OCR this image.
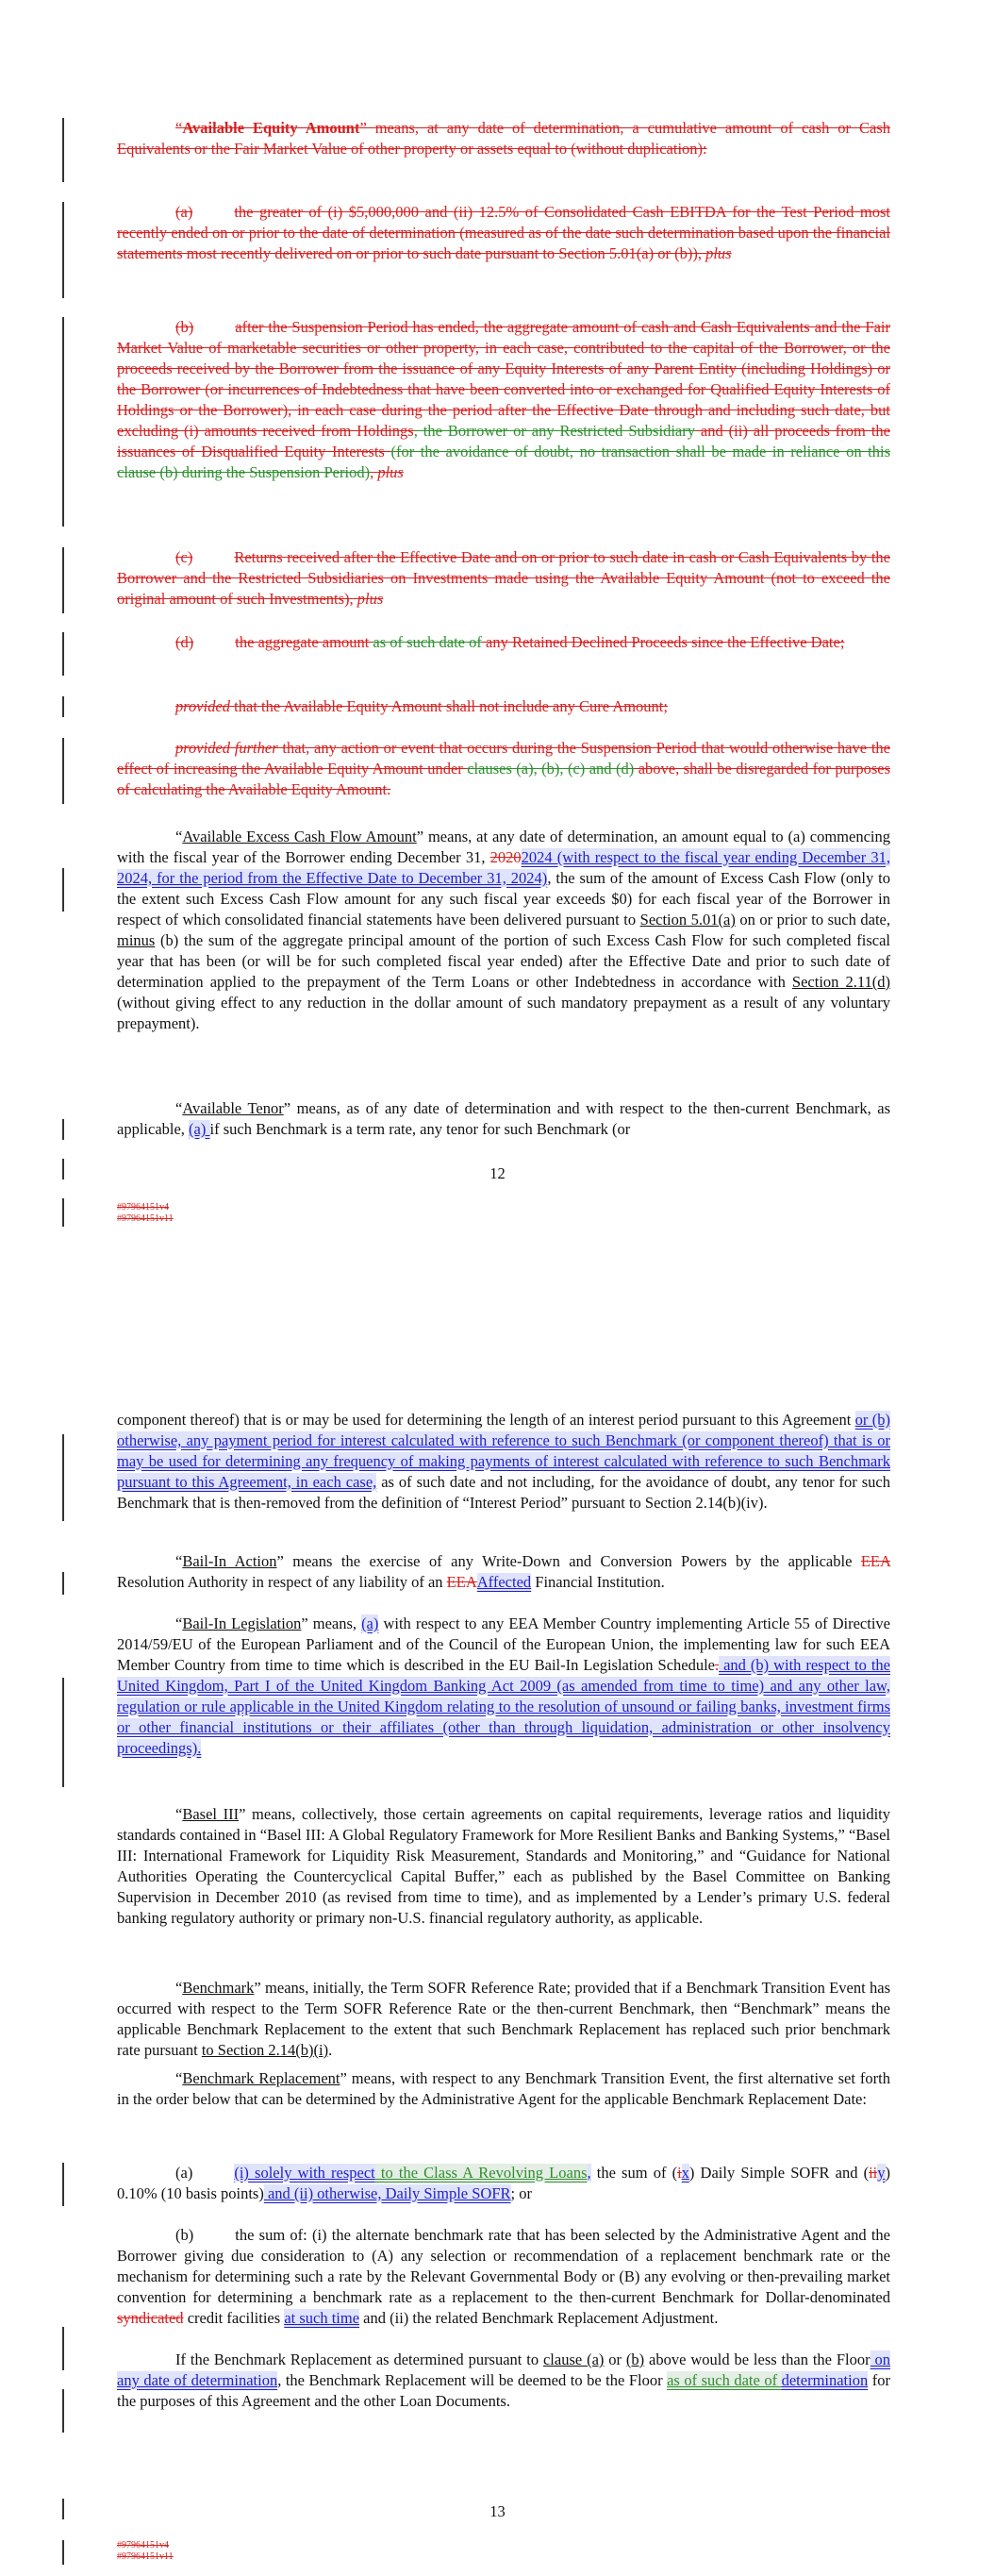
“Available Equity Amount” means, at any date of determination, a cumulative amount of cash or Cash Equivalents or the Fair Market Value of other property or assets equal to (without duplication):

(a)	the greater of (i) $5,000,000 and (ii) 12.5% of Consolidated Cash EBITDA for the Test Period most recently ended on or prior to the date of determination (measured as of the date such determination based upon the financial statements most recently delivered on or prior to such date pursuant to Section 5.01(a) or (b)), plus

(b)	after the Suspension Period has ended, the aggregate amount of cash and Cash Equivalents and the Fair Market Value of marketable securities or other property, in each case, contributed to the capital of the Borrower, or the proceeds received by the Borrower from the issuance of any Equity Interests of any Parent Entity (including Holdings) or the Borrower (or incurrences of Indebtedness that have been converted into or exchanged for Qualified Equity Interests of Holdings or the Borrower), in each case during the period after the Effective Date through and including such date, but excluding (i) amounts received from Holdings, the Borrower or any Restricted Subsidiary and (ii) all proceeds from the issuances of Disqualified Equity Interests (for the avoidance of doubt, no transaction shall be made in reliance on this clause (b) during the Suspension Period), plus

(c)	Returns received after the Effective Date and on or prior to such date in cash or Cash Equivalents by the Borrower and the Restricted Subsidiaries on Investments made using the Available Equity Amount (not to exceed the original amount of such Investments), plus

(d)	the aggregate amount as of such date of any Retained Declined Proceeds since the Effective Date;

provided that the Available Equity Amount shall not include any Cure Amount;

provided further that, any action or event that occurs during the Suspension Period that would otherwise have the effect of increasing the Available Equity Amount under clauses (a), (b), (c) and (d) above, shall be disregarded for purposes of calculating the Available Equity Amount.

“Available Excess Cash Flow Amount” means, at any date of determination, an amount equal to (a) commencing with the fiscal year of the Borrower ending December 31, 20202024 (with respect to the fiscal year ending December 31, 2024, for the period from the Effective Date to December 31, 2024), the sum of the amount of Excess Cash Flow (only to the extent such Excess Cash Flow amount for any such fiscal year exceeds $0) for each fiscal year of the Borrower in respect of which consolidated financial statements have been delivered pursuant to Section 5.01(a) on or prior to such date, minus (b) the sum of the aggregate principal amount of the portion of such Excess Cash Flow for such completed fiscal year that has been (or will be for such completed fiscal year ended) after the Effective Date and prior to such date of determination applied to the prepayment of the Term Loans or other Indebtedness in accordance with Section 2.11(d) (without giving effect to any reduction in the dollar amount of such mandatory prepayment as a result of any voluntary prepayment).

“Available Tenor” means, as of any date of determination and with respect to the then-current Benchmark, as applicable, (a) if such Benchmark is a term rate, any tenor for such Benchmark (or

12
#97964151v4
#97964151v11

component thereof) that is or may be used for determining the length of an interest period pursuant to this Agreement or (b) otherwise, any payment period for interest calculated with reference to such Benchmark (or component thereof) that is or may be used for determining any frequency of making payments of interest calculated with reference to such Benchmark pursuant to this Agreement, in each case, as of such date and not including, for the avoidance of doubt, any tenor for such Benchmark that is then-removed from the definition of “Interest Period” pursuant to Section 2.14(b)(iv).

“Bail-In Action” means the exercise of any Write-Down and Conversion Powers by the applicable EEA Resolution Authority in respect of any liability of an EEAAffected Financial Institution.

“Bail-In Legislation” means, (a) with respect to any EEA Member Country implementing Article 55 of Directive 2014/59/EU of the European Parliament and of the Council of the European Union, the implementing law for such EEA Member Country from time to time which is described in the EU Bail-In Legislation Schedule. and (b) with respect to the United Kingdom, Part I of the United Kingdom Banking Act 2009 (as amended from time to time) and any other law, regulation or rule applicable in the United Kingdom relating to the resolution of unsound or failing banks, investment firms or other financial institutions or their affiliates (other than through liquidation, administration or other insolvency proceedings).

“Basel III” means, collectively, those certain agreements on capital requirements, leverage ratios and liquidity standards contained in “Basel III: A Global Regulatory Framework for More Resilient Banks and Banking Systems,” “Basel III: International Framework for Liquidity Risk Measurement, Standards and Monitoring,” and “Guidance for National Authorities Operating the Countercyclical Capital Buffer,” each as published by the Basel Committee on Banking Supervision in December 2010 (as revised from time to time), and as implemented by a Lender’s primary U.S. federal banking regulatory authority or primary non-U.S. financial regulatory authority, as applicable.

“Benchmark” means, initially, the Term SOFR Reference Rate; provided that if a Benchmark Transition Event has occurred with respect to the Term SOFR Reference Rate or the then-current Benchmark, then “Benchmark” means the applicable Benchmark Replacement to the extent that such Benchmark Replacement has replaced such prior benchmark rate pursuant to Section 2.14(b)(i).

“Benchmark Replacement” means, with respect to any Benchmark Transition Event, the first alternative set forth in the order below that can be determined by the Administrative Agent for the applicable Benchmark Replacement Date:

(a)	(i) solely with respect to the Class A Revolving Loans, the sum of (ix) Daily Simple SOFR and (iiy) 0.10% (10 basis points) and (ii) otherwise, Daily Simple SOFR; or

(b)	the sum of: (i) the alternate benchmark rate that has been selected by the Administrative Agent and the Borrower giving due consideration to (A) any selection or recommendation of a replacement benchmark rate or the mechanism for determining such a rate by the Relevant Governmental Body or (B) any evolving or then-prevailing market convention for determining a benchmark rate as a replacement to the then-current Benchmark for Dollar-denominated syndicated credit facilities at such time and (ii) the related Benchmark Replacement Adjustment.

If the Benchmark Replacement as determined pursuant to clause (a) or (b) above would be less than the Floor on any date of determination, the Benchmark Replacement will be deemed to be the Floor as of such date of determination for the purposes of this Agreement and the other Loan Documents.

13
#97964151v4
#97964151v11
